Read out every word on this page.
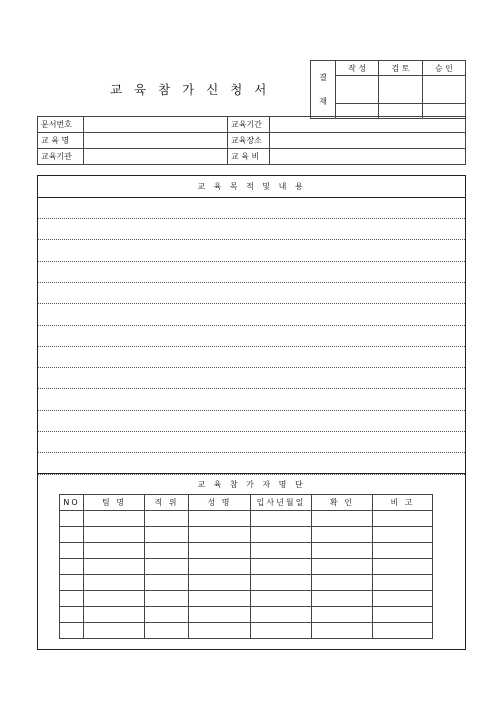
교 육 참 가 신 청 서
결
재	작 성	검 토	승 인

문서번호		교육기간	
교 육 명		교육장소	
교육기관		교 육 비	
교 육 목 적 및 내 용
교 육 참 가 자 명 단
NO	팀 명	직 위	성 명	입사년월일	확 인	비 고
